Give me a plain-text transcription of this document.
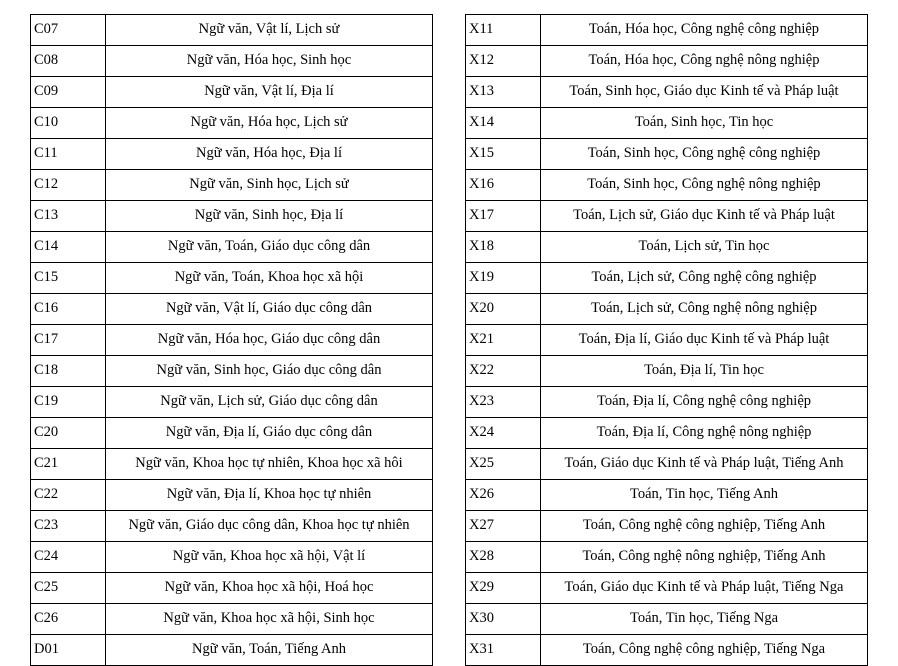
C07	Ngữ văn, Vật lí, Lịch sử
C08	Ngữ văn, Hóa học, Sinh học
C09	Ngữ văn, Vật lí, Địa lí
C10	Ngữ văn, Hóa học, Lịch sử
C11	Ngữ văn, Hóa học, Địa lí
C12	Ngữ văn, Sinh học, Lịch sử
C13	Ngữ văn, Sinh học, Địa lí
C14	Ngữ văn, Toán, Giáo dục công dân
C15	Ngữ văn, Toán, Khoa học xã hội
C16	Ngữ văn, Vật lí, Giáo dục công dân
C17	Ngữ văn, Hóa học, Giáo dục công dân
C18	Ngữ văn, Sinh học, Giáo dục công dân
C19	Ngữ văn, Lịch sử, Giáo dục công dân
C20	Ngữ văn, Địa lí, Giáo dục công dân
C21	Ngữ văn, Khoa học tự nhiên, Khoa học xã hôi
C22	Ngữ văn, Địa lí, Khoa học tự nhiên
C23	Ngữ văn, Giáo dục công dân, Khoa học tự nhiên
C24	Ngữ văn, Khoa học xã hội, Vật lí
C25	Ngữ văn, Khoa học xã hội, Hoá học
C26	Ngữ văn, Khoa học xã hội, Sinh học
D01	Ngữ văn, Toán, Tiếng Anh
X11	Toán, Hóa học, Công nghệ công nghiệp
X12	Toán, Hóa học, Công nghệ nông nghiệp
X13	Toán, Sinh học, Giáo dục Kinh tế và Pháp luật
X14	Toán, Sinh học, Tin học
X15	Toán, Sinh học, Công nghệ công nghiệp
X16	Toán, Sinh học, Công nghệ nông nghiệp
X17	Toán, Lịch sử, Giáo dục Kinh tế và Pháp luật
X18	Toán, Lịch sử, Tin học
X19	Toán, Lịch sử, Công nghệ công nghiệp
X20	Toán, Lịch sử, Công nghệ nông nghiệp
X21	Toán, Địa lí, Giáo dục Kinh tế và Pháp luật
X22	Toán, Địa lí, Tin học
X23	Toán, Địa lí, Công nghệ công nghiệp
X24	Toán, Địa lí, Công nghệ nông nghiệp
X25	Toán, Giáo dục Kinh tế và Pháp luật, Tiếng Anh
X26	Toán, Tin học, Tiếng Anh
X27	Toán, Công nghệ công nghiệp, Tiếng Anh
X28	Toán, Công nghệ nông nghiệp, Tiếng Anh
X29	Toán, Giáo dục Kinh tế và Pháp luật, Tiếng Nga
X30	Toán, Tin học, Tiếng Nga
X31	Toán, Công nghệ công nghiệp, Tiếng Nga
